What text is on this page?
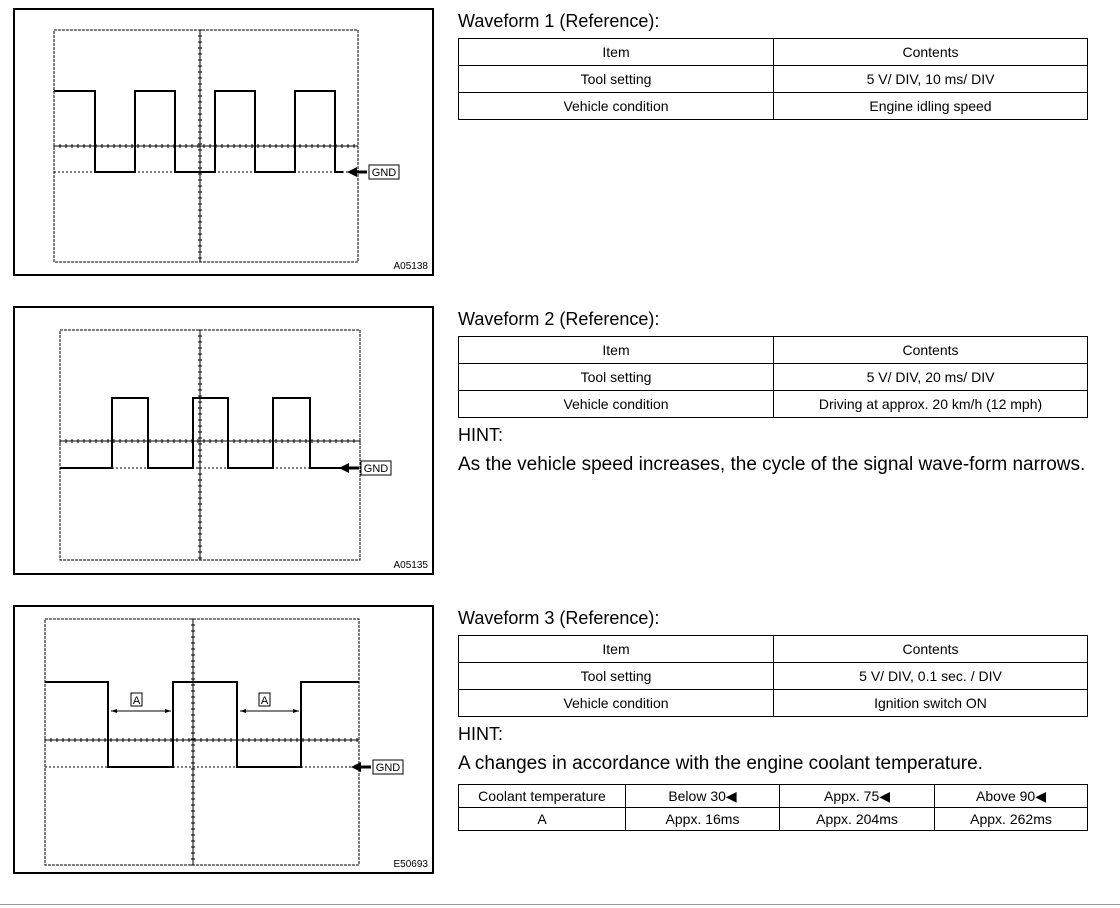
GND
A05138
Waveform 1 (Reference):
Item	Contents
Tool setting	5 V/ DIV, 10 ms/ DIV
Vehicle condition	Engine idling speed
GND
A05135
Waveform 2 (Reference):
Item	Contents
Tool setting	5 V/ DIV, 20 ms/ DIV
Vehicle condition	Driving at approx. 20 km/h (12 mph)
HINT:
As the vehicle speed increases, the cycle of the signal wave-form narrows.
A	A
GND
E50693
Waveform 3 (Reference):
Item	Contents
Tool setting	5 V/ DIV, 0.1 sec. / DIV
Vehicle condition	Ignition switch ON
HINT:
A changes in accordance with the engine coolant temperature.
Coolant temperature	Below 30◀	Appx. 75◀	Above 90◀
A	Appx. 16ms	Appx. 204ms	Appx. 262ms
